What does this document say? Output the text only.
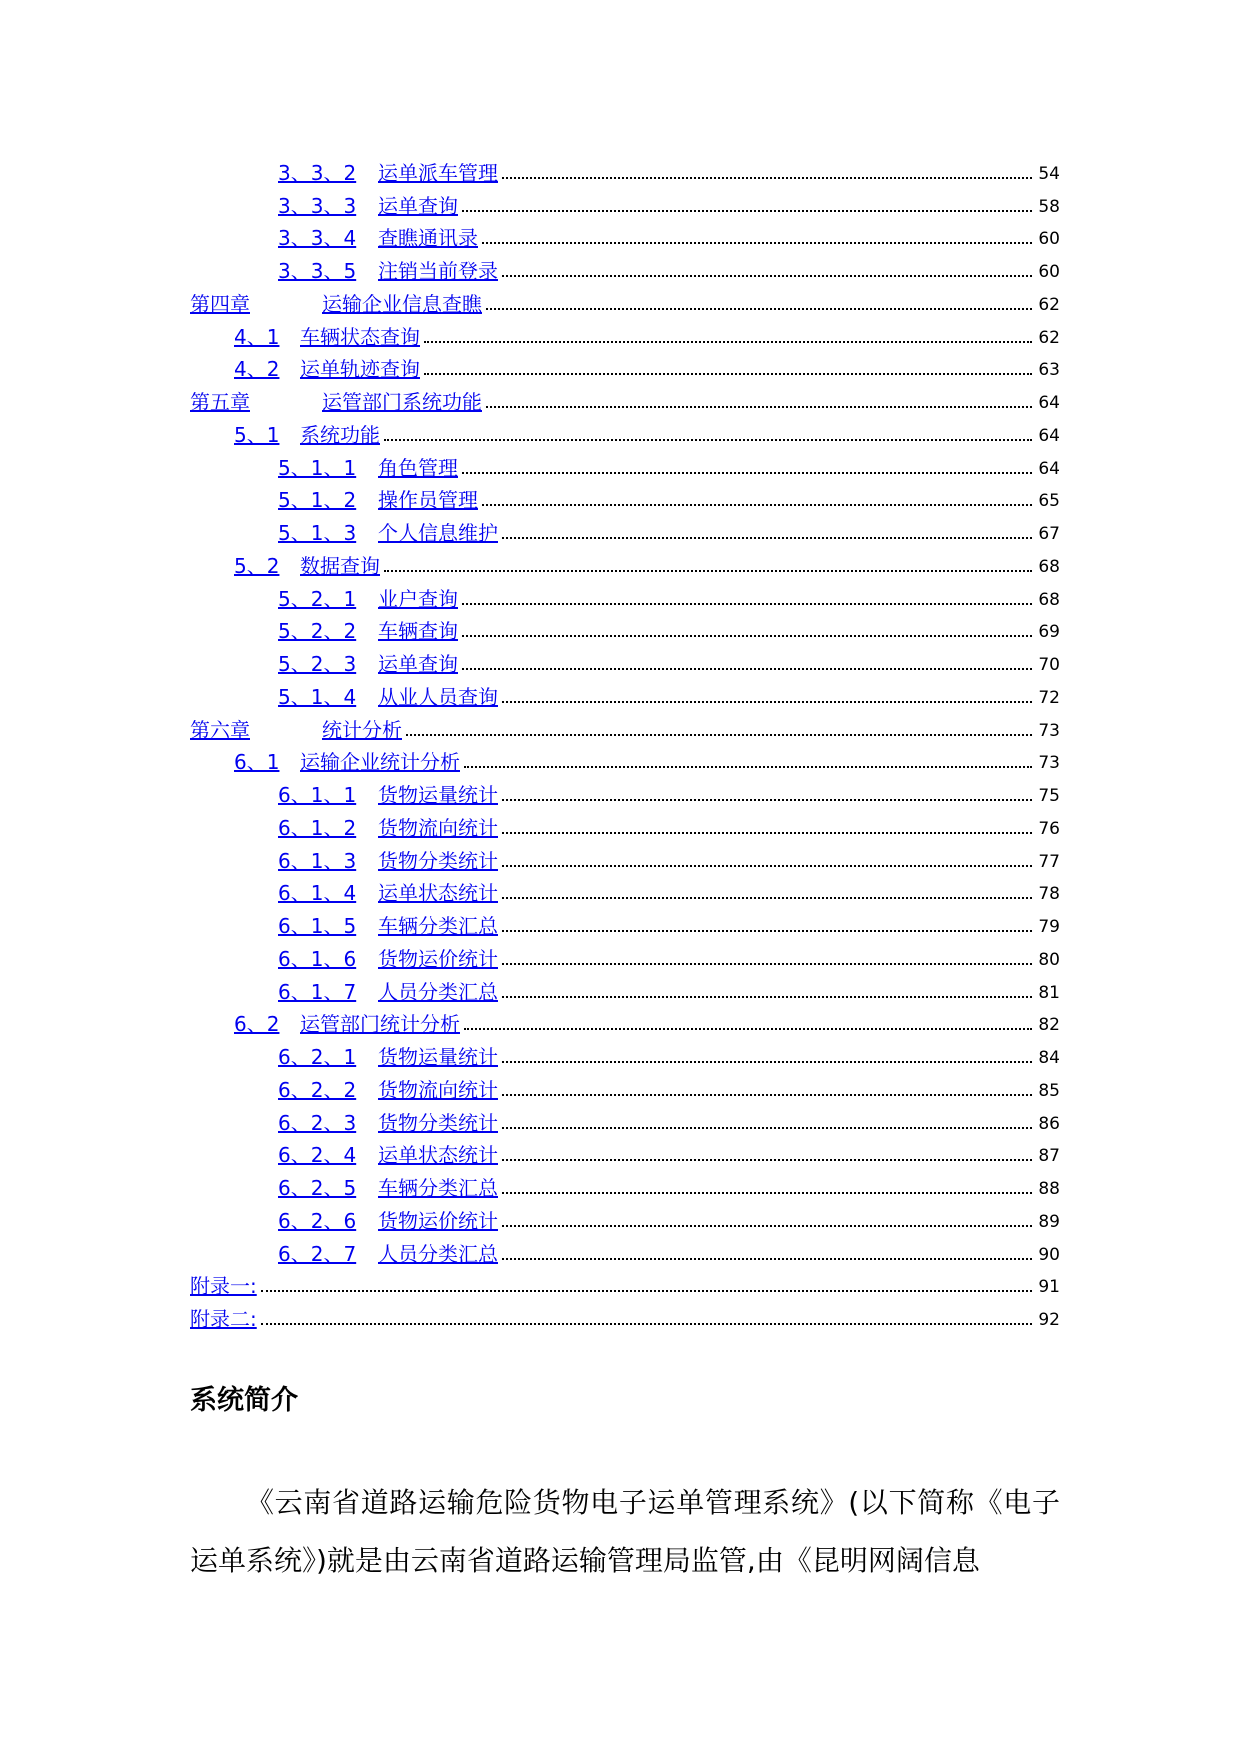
3、3、2	运单派车管理	54
3、3、3	运单查询	58
3、3、4	查瞧通讯录	60
3、3、5	注销当前登录	60
第四章	运输企业信息查瞧	62
4、1	车辆状态查询	62
4、2	运单轨迹查询	63
第五章	运管部门系统功能	64
5、1	系统功能	64
5、1、1	角色管理	64
5、1、2	操作员管理	65
5、1、3	个人信息维护	67
5、2	数据查询	68
5、2、1	业户查询	68
5、2、2	车辆查询	69
5、2、3	运单查询	70
5、1、4	从业人员查询	72
第六章	统计分析	73
6、1	运输企业统计分析	73
6、1、1	货物运量统计	75
6、1、2	货物流向统计	76
6、1、3	货物分类统计	77
6、1、4	运单状态统计	78
6、1、5	车辆分类汇总	79
6、1、6	货物运价统计	80
6、1、7	人员分类汇总	81
6、2	运管部门统计分析	82
6、2、1	货物运量统计	84
6、2、2	货物流向统计	85
6、2、3	货物分类统计	86
6、2、4	运单状态统计	87
6、2、5	车辆分类汇总	88
6、2、6	货物运价统计	89
6、2、7	人员分类汇总	90
附录一:	91
附录二:	92
系统简介

《云南省道路运输危险货物电子运单管理系统》(以下简称《电子运单系统》)就是由云南省道路运输管理局监管,由《昆明网阔信息
